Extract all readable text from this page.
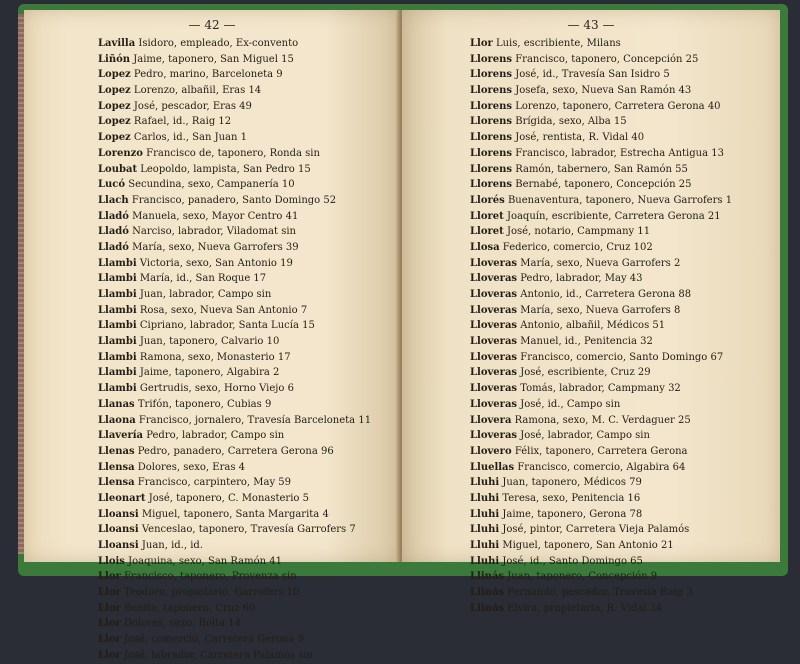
— 42 —
Lavilla Isidoro, empleado, Ex-convento
Liñón Jaime, taponero, San Miguel 15
Lopez Pedro, marino, Barceloneta 9
Lopez Lorenzo, albañil, Eras 14
Lopez José, pescador, Eras 49
Lopez Rafael, id., Raig 12
Lopez Carlos, id., San Juan 1
Lorenzo Francisco de, taponero, Ronda sin
Loubat Leopoldo, lampista, San Pedro 15
Lucó Secundina, sexo, Campanería 10
Llach Francisco, panadero, Santo Domingo 52
Lladó Manuela, sexo, Mayor Centro 41
Lladó Narciso, labrador, Viladomat sin
Lladó María, sexo, Nueva Garrofers 39
Llambi Victoria, sexo, San Antonio 19
Llambi María, id., San Roque 17
Llambi Juan, labrador, Campo sin
Llambi Rosa, sexo, Nueva San Antonio 7
Llambi Cipriano, labrador, Santa Lucía 15
Llambi Juan, taponero, Calvario 10
Llambi Ramona, sexo, Monasterio 17
Llambi Jaime, taponero, Algabira 2
Llambi Gertrudis, sexo, Horno Viejo 6
Llanas Trifón, taponero, Cubias 9
Llaona Francisco, jornalero, Travesía Barceloneta 11
Llavería Pedro, labrador, Campo sin
Llenas Pedro, panadero, Carretera Gerona 96
Llensa Dolores, sexo, Eras 4
Llensa Francisco, carpintero, May 59
Lleonart José, taponero, C. Monasterio 5
Lloansi Miguel, taponero, Santa Margarita 4
Lloansi Venceslao, taponero, Travesía Garrofers 7
Lloansi Juan, id., id.
Llois Joaquina, sexo, San Ramón 41
Llor Francisco, taponero, Provenza sin
Llor Teodoro, propietario, Garrofers 10
Llor Benito, taponero, Cruz 60
Llor Dolores, sexo, Bolta 14
Llor José, comercio, Carretera Gerona 9
Llor José, labrador, Carretera Palamós sin
— 43 —
Llor Luis, escribiente, Milans
Llorens Francisco, taponero, Concepción 25
Llorens José, id., Travesía San Isidro 5
Llorens Josefa, sexo, Nueva San Ramón 43
Llorens Lorenzo, taponero, Carretera Gerona 40
Llorens Brígida, sexo, Alba 15
Llorens José, rentista, R. Vidal 40
Llorens Francisco, labrador, Estrecha Antigua 13
Llorens Ramón, tabernero, San Ramón 55
Llorens Bernabé, taponero, Concepción 25
Llorés Buenaventura, taponero, Nueva Garrofers 1
Lloret Joaquín, escribiente, Carretera Gerona 21
Lloret José, notario, Campmany 11
Llosa Federico, comercio, Cruz 102
Lloveras María, sexo, Nueva Garrofers 2
Lloveras Pedro, labrador, May 43
Lloveras Antonio, id., Carretera Gerona 88
Lloveras María, sexo, Nueva Garrofers 8
Lloveras Antonio, albañil, Médicos 51
Lloveras Manuel, id., Penitencia 32
Lloveras Francisco, comercio, Santo Domingo 67
Lloveras José, escribiente, Cruz 29
Lloveras Tomás, labrador, Campmany 32
Lloveras José, id., Campo sin
Llovera Ramona, sexo, M. C. Verdaguer 25
Lloveras José, labrador, Campo sin
Llovero Félix, taponero, Carretera Gerona
Lluellas Francisco, comercio, Algabira 64
Lluhi Juan, taponero, Médicos 79
Lluhi Teresa, sexo, Penitencia 16
Lluhi Jaime, taponero, Gerona 78
Lluhi José, pintor, Carretera Vieja Palamós
Lluhi Miguel, taponero, San Antonio 21
Lluhi José, id., Santo Domingo 65
Llinás Juan, taponero, Concepción 9
Llinás Fernando, pescador, Travesía Raig 3
Llinás Elvira, propietaria, R. Vidal 34
